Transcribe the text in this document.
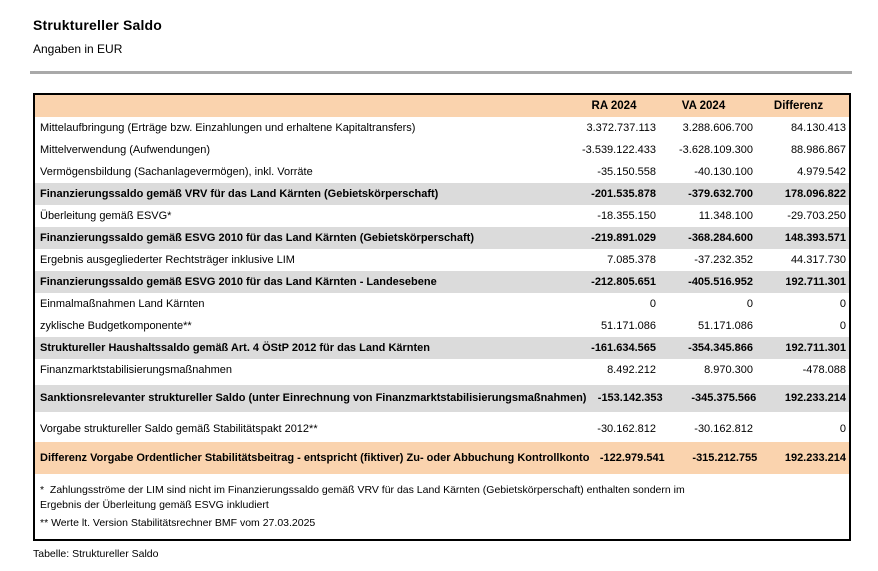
Struktureller Saldo
Angaben in EUR
RA 2024	VA 2024	Differenz
Mittelaufbringung (Erträge bzw. Einzahlungen und erhaltene Kapitaltransfers)	3.372.737.113	3.288.606.700	84.130.413
Mittelverwendung (Aufwendungen)	-3.539.122.433	-3.628.109.300	88.986.867
Vermögensbildung (Sachanlagevermögen), inkl. Vorräte	-35.150.558	-40.130.100	4.979.542
Finanzierungssaldo gemäß VRV für das Land Kärnten (Gebietskörperschaft)	-201.535.878	-379.632.700	178.096.822
Überleitung gemäß ESVG*	-18.355.150	11.348.100	-29.703.250
Finanzierungssaldo gemäß ESVG 2010 für das Land Kärnten (Gebietskörperschaft)	-219.891.029	-368.284.600	148.393.571
Ergebnis ausgegliederter Rechtsträger inklusive LIM	7.085.378	-37.232.352	44.317.730
Finanzierungssaldo gemäß ESVG 2010 für das Land Kärnten - Landesebene	-212.805.651	-405.516.952	192.711.301
Einmalmaßnahmen Land Kärnten	0	0	0
zyklische Budgetkomponente**	51.171.086	51.171.086	0
Struktureller Haushaltssaldo gemäß Art. 4 ÖStP 2012 für das Land Kärnten	-161.634.565	-354.345.866	192.711.301
Finanzmarktstabilisierungsmaßnahmen	8.492.212	8.970.300	-478.088
Sanktionsrelevanter struktureller Saldo (unter Einrechnung von Finanzmarktstabilisierungsmaßnahmen)	-153.142.353	-345.375.566	192.233.214
Vorgabe struktureller Saldo gemäß Stabilitätspakt 2012**	-30.162.812	-30.162.812	0
Differenz Vorgabe Ordentlicher Stabilitätsbeitrag - entspricht (fiktiver) Zu- oder Abbuchung Kontrollkonto -122.979.541	-315.212.755	192.233.214
*  Zahlungsströme der LIM sind nicht im Finanzierungssaldo gemäß VRV für das Land Kärnten (Gebietskörperschaft) enthalten sondern im Ergebnis der Überleitung gemäß ESVG inkludiert
** Werte lt. Version Stabilitätsrechner BMF vom 27.03.2025
Tabelle: Struktureller Saldo
